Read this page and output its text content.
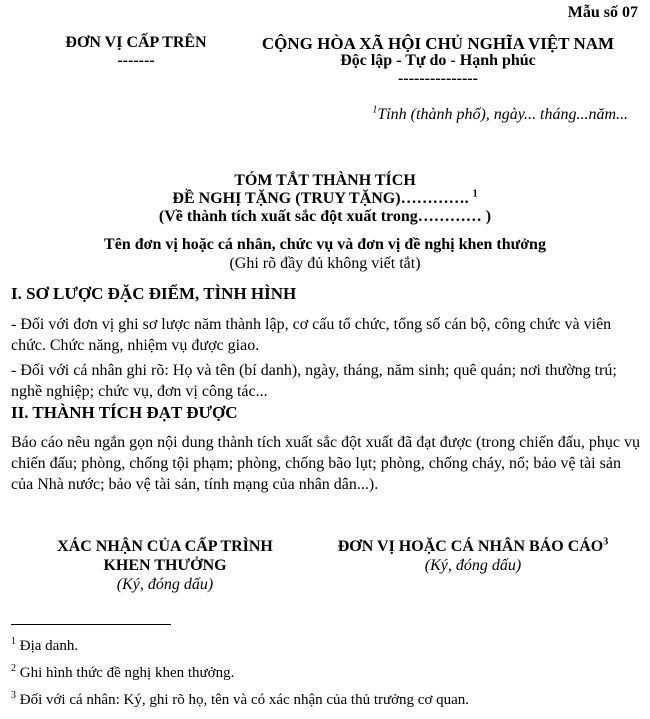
Mẫu số 07
ĐƠN VỊ CẤP TRÊN
-------
CỘNG HÒA XÃ HỘI CHỦ NGHĨA VIỆT NAM
Độc lập - Tự do - Hạnh phúc
---------------
$^1$Tỉnh (thành phố), ngày... tháng...năm...
TÓM TẮT THÀNH TÍCH
ĐỀ NGHỊ TẶNG (TRUY TẶNG)…………. $^1$
(Về thành tích xuất sắc đột xuất trong………… )
Tên đơn vị hoặc cá nhân, chức vụ và đơn vị đề nghị khen thưởng
(Ghi rõ đầy đủ không viết tắt)
I. SƠ LƯỢC ĐẶC ĐIỂM, TÌNH HÌNH
- Đối với đơn vị ghi sơ lược năm thành lập, cơ cấu tổ chức, tổng số cán bộ, công chức và viên chức. Chức năng, nhiệm vụ được giao.
- Đối với cá nhân ghi rõ: Họ và tên (bí danh), ngày, tháng, năm sinh; quê quán; nơi thường trú; nghề nghiệp; chức vụ, đơn vị công tác...
II. THÀNH TÍCH ĐẠT ĐƯỢC
Báo cáo nêu ngắn gọn nội dung thành tích xuất sắc đột xuất đã đạt được (trong chiến đấu, phục vụ chiến đấu; phòng, chống tội phạm; phòng, chống bão lụt; phòng, chống cháy, nổ; bảo vệ tài sản của Nhà nước; bảo vệ tài sản, tính mạng của nhân dân...).
XÁC NHẬN CỦA CẤP TRÌNH
KHEN THƯỞNG
(Ký, đóng dấu)
ĐƠN VỊ HOẶC CÁ NHÂN BÁO CÁO$^3$
(Ký, đóng dấu)
$^1$ Địa danh.
$^2$ Ghi hình thức đề nghị khen thưởng.
$^3$ Đối với cá nhân: Ký, ghi rõ họ, tên và có xác nhận của thủ trưởng cơ quan.
